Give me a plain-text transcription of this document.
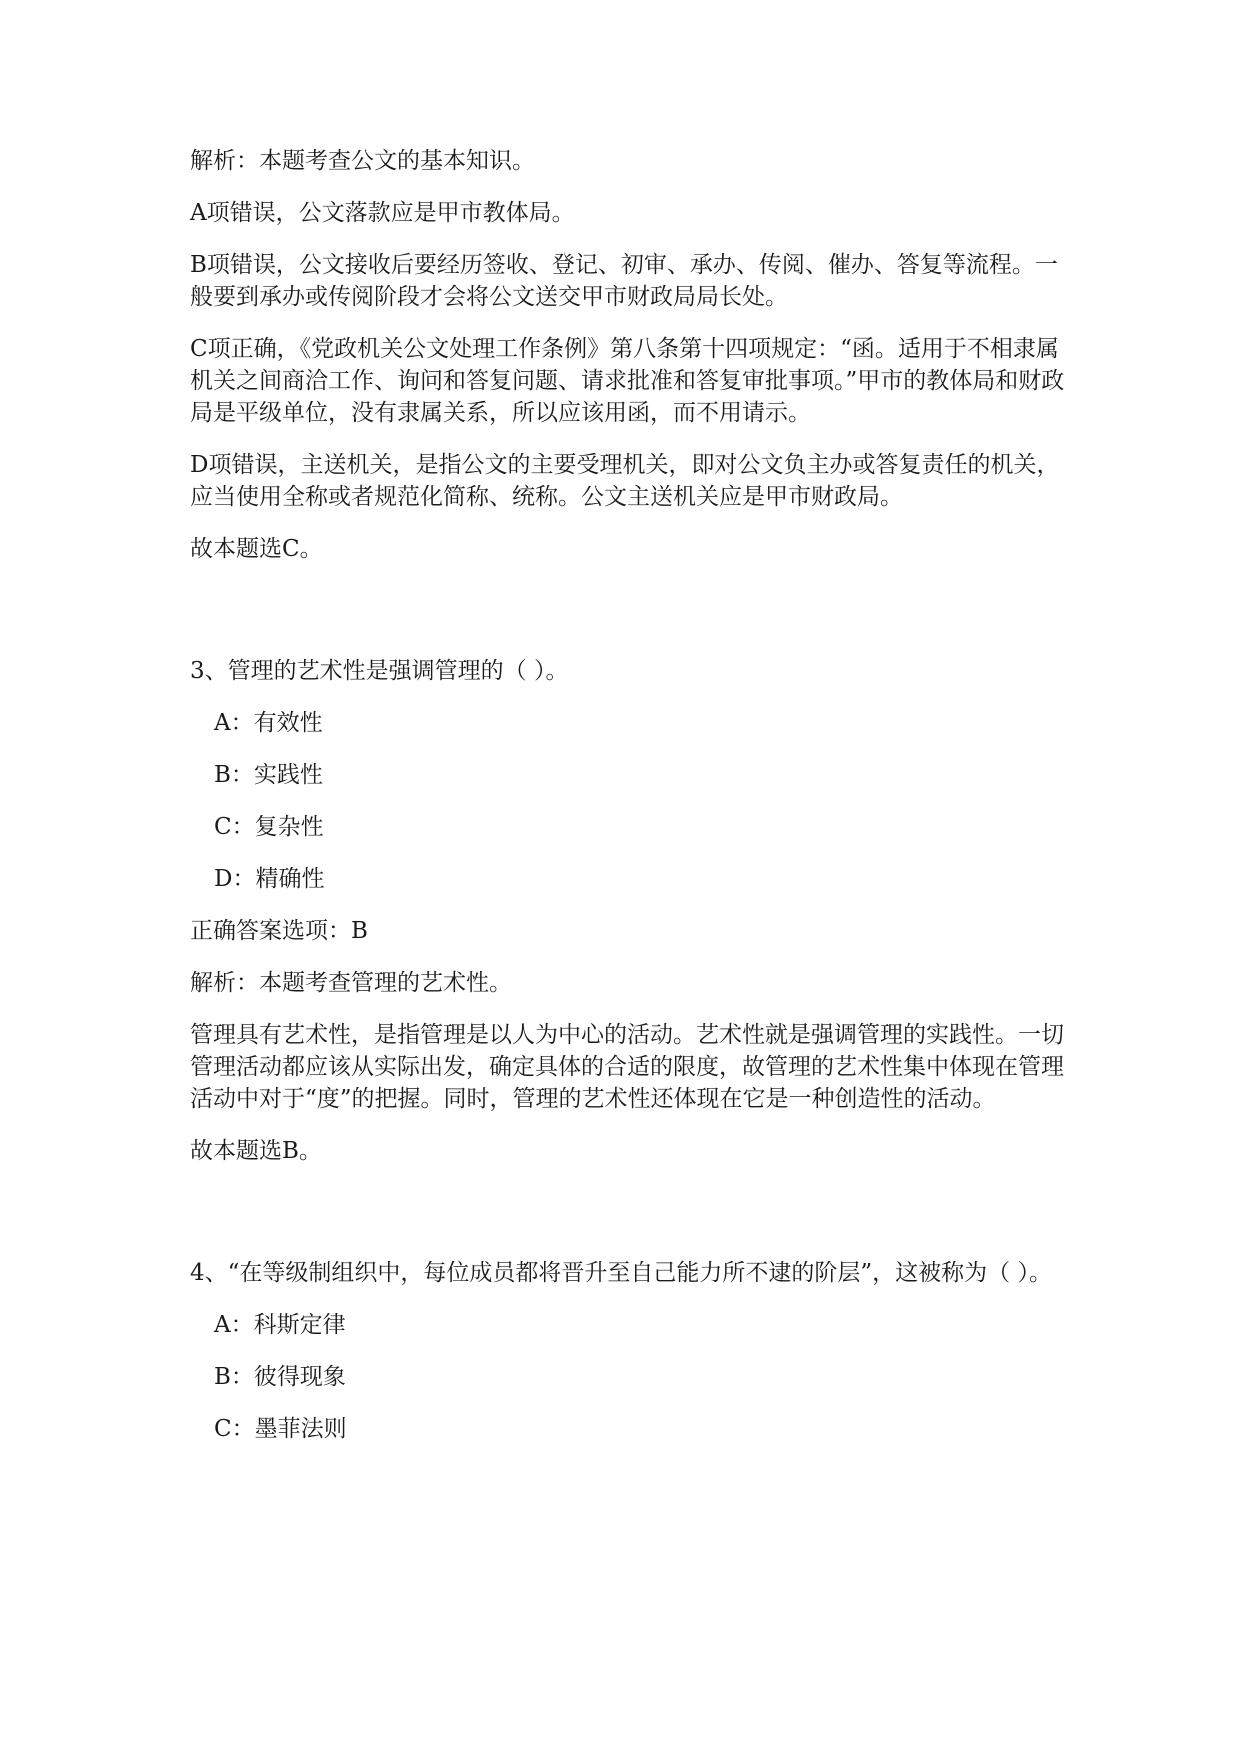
解析：本题考查公文的基本知识。

A项错误，公文落款应是甲市教体局。

B项错误，公文接收后要经历签收、登记、初审、承办、传阅、催办、答复等流程。一般要到承办或传阅阶段才会将公文送交甲市财政局局长处。

C项正确，《党政机关公文处理工作条例》第八条第十四项规定：“函。适用于不相隶属机关之间商洽工作、询问和答复问题、请求批准和答复审批事项。”甲市的教体局和财政局是平级单位，没有隶属关系，所以应该用函，而不用请示。

D项错误，主送机关，是指公文的主要受理机关，即对公文负主办或答复责任的机关，应当使用全称或者规范化简称、统称。公文主送机关应是甲市财政局。

故本题选C。

3、管理的艺术性是强调管理的（ ）。

A：有效性

B：实践性

C：复杂性

D：精确性

正确答案选项：B

解析：本题考查管理的艺术性。

管理具有艺术性，是指管理是以人为中心的活动。艺术性就是强调管理的实践性。一切管理活动都应该从实际出发，确定具体的合适的限度，故管理的艺术性集中体现在管理活动中对于“度”的把握。同时，管理的艺术性还体现在它是一种创造性的活动。

故本题选B。

4、“在等级制组织中，每位成员都将晋升至自己能力所不逮的阶层”，这被称为（ ）。

A：科斯定律

B：彼得现象

C：墨菲法则
